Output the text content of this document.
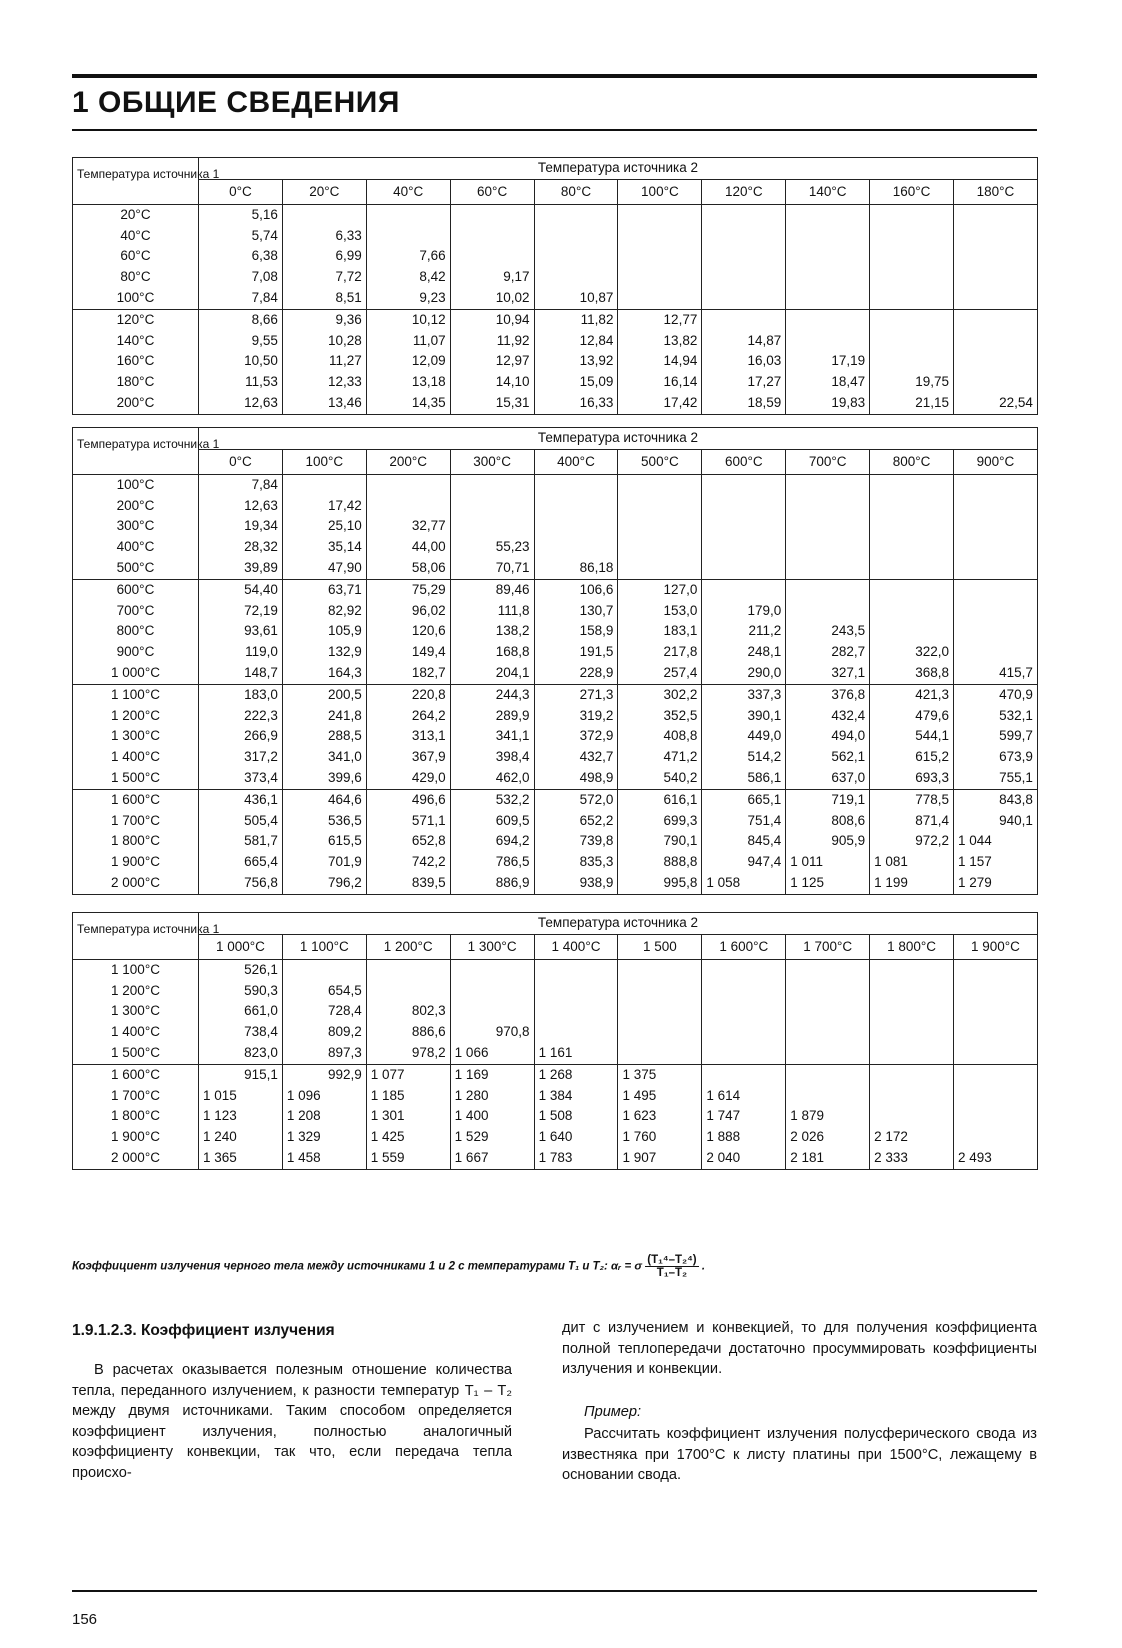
1 ОБЩИЕ СВЕДЕНИЯ
Температура источника 1	Температура источника 2									
	0°C	20°C	40°C	60°C	80°C	100°C	120°C	140°C	160°C	180°C
20°C	5,16									
40°C	5,74	6,33								
60°C	6,38	6,99	7,66							
80°C	7,08	7,72	8,42	9,17						
100°C	7,84	8,51	9,23	10,02	10,87					
120°C	8,66	9,36	10,12	10,94	11,82	12,77				
140°C	9,55	10,28	11,07	11,92	12,84	13,82	14,87			
160°C	10,50	11,27	12,09	12,97	13,92	14,94	16,03	17,19		
180°C	11,53	12,33	13,18	14,10	15,09	16,14	17,27	18,47	19,75	
200°C	12,63	13,46	14,35	15,31	16,33	17,42	18,59	19,83	21,15	22,54
Температура источника 1	Температура источника 2									
	0°C	100°C	200°C	300°C	400°C	500°C	600°C	700°C	800°C	900°C
100°C	7,84									
200°C	12,63	17,42								
300°C	19,34	25,10	32,77							
400°C	28,32	35,14	44,00	55,23						
500°C	39,89	47,90	58,06	70,71	86,18					
600°C	54,40	63,71	75,29	89,46	106,6	127,0				
700°C	72,19	82,92	96,02	111,8	130,7	153,0	179,0			
800°C	93,61	105,9	120,6	138,2	158,9	183,1	211,2	243,5		
900°C	119,0	132,9	149,4	168,8	191,5	217,8	248,1	282,7	322,0	
1 000°C	148,7	164,3	182,7	204,1	228,9	257,4	290,0	327,1	368,8	415,7
1 100°C	183,0	200,5	220,8	244,3	271,3	302,2	337,3	376,8	421,3	470,9
1 200°C	222,3	241,8	264,2	289,9	319,2	352,5	390,1	432,4	479,6	532,1
1 300°C	266,9	288,5	313,1	341,1	372,9	408,8	449,0	494,0	544,1	599,7
1 400°C	317,2	341,0	367,9	398,4	432,7	471,2	514,2	562,1	615,2	673,9
1 500°C	373,4	399,6	429,0	462,0	498,9	540,2	586,1	637,0	693,3	755,1
1 600°C	436,1	464,6	496,6	532,2	572,0	616,1	665,1	719,1	778,5	843,8
1 700°C	505,4	536,5	571,1	609,5	652,2	699,3	751,4	808,6	871,4	940,1
1 800°C	581,7	615,5	652,8	694,2	739,8	790,1	845,4	905,9	972,2	1 044
1 900°C	665,4	701,9	742,2	786,5	835,3	888,8	947,4	1 011	1 081	1 157
2 000°C	756,8	796,2	839,5	886,9	938,9	995,8	1 058	1 125	1 199	1 279
Температура источника 1	Температура источника 2									
	1 000°C	1 100°C	1 200°C	1 300°C	1 400°C	1 500	1 600°C	1 700°C	1 800°C	1 900°C
1 100°C	526,1									
1 200°C	590,3	654,5								
1 300°C	661,0	728,4	802,3							
1 400°C	738,4	809,2	886,6	970,8						
1 500°C	823,0	897,3	978,2	1 066	1 161					
1 600°C	915,1	992,9	1 077	1 169	1 268	1 375				
1 700°C	1 015	1 096	1 185	1 280	1 384	1 495	1 614			
1 800°C	1 123	1 208	1 301	1 400	1 508	1 623	1 747	1 879		
1 900°C	1 240	1 329	1 425	1 529	1 640	1 760	1 888	2 026	2 172	
2 000°C	1 365	1 458	1 559	1 667	1 783	1 907	2 040	2 181	2 333	2 493
Коэффициент излучения черного тела между источниками 1 и 2 с температурами T₁ и T₂: αᵣ = σ $\frac{\text{(T₁⁴–T₂⁴)}}{\text{T₁–T₂}}$ .
1.9.1.2.3. Коэффициент излучения
В расчетах оказывается полезным отношение количества тепла, переданного излучением, к разности температур T₁ – T₂ между двумя источниками. Таким способом определяется коэффициент излучения, полностью аналогичный коэффициенту конвекции, так что, если передача тепла происхо-
дит с излучением и конвекцией, то для получения коэффициента полной теплопередачи достаточно просуммировать коэффициенты излучения и конвекции.
Пример:
Рассчитать коэффициент излучения полусферического свода из известняка при 1700°C к листу платины при 1500°C, лежащему в основании свода.
156
